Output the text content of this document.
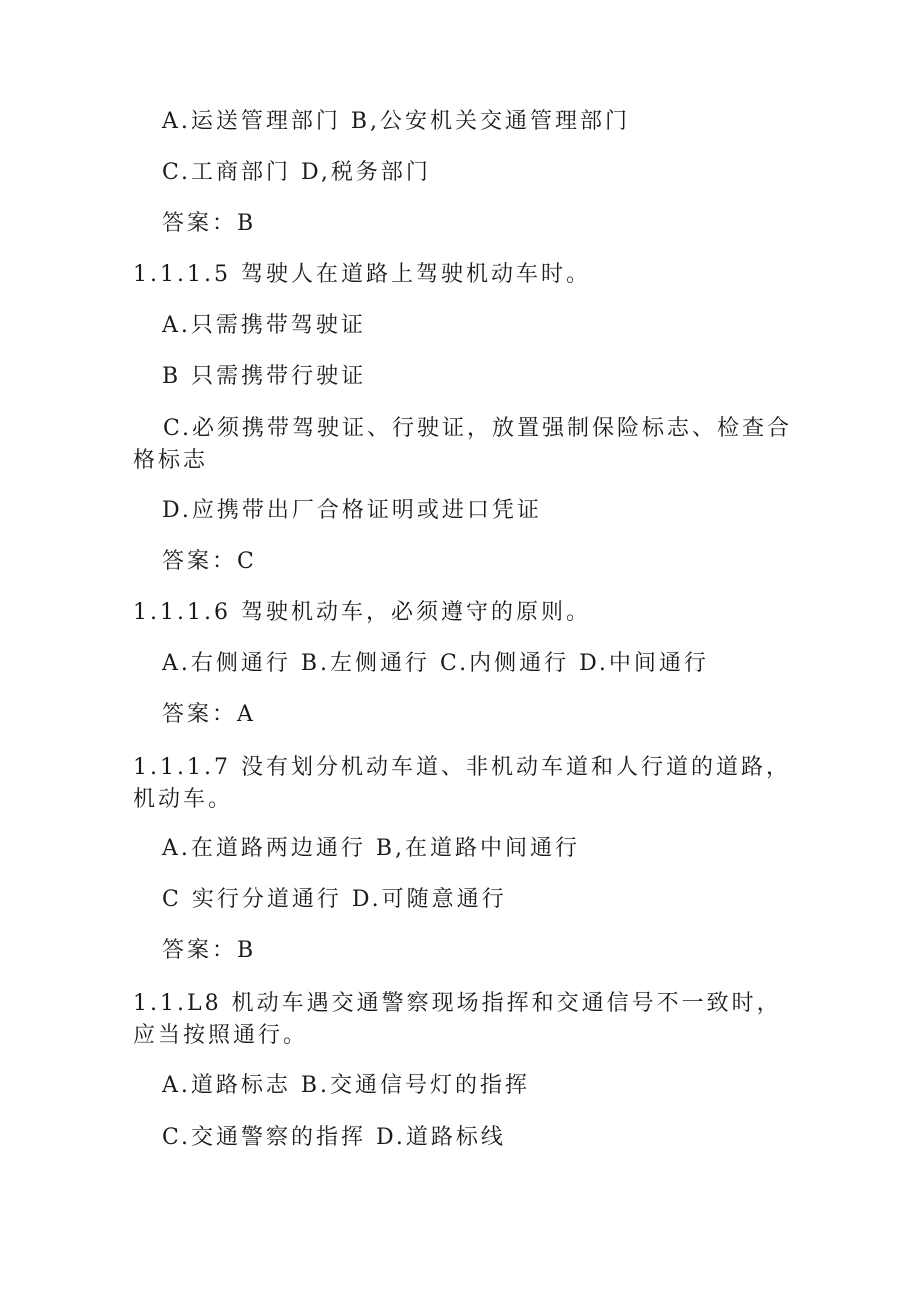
A.运送管理部门 B,公安机关交通管理部门
C.工商部门 D,税务部门
答案：B
1.1.1.5 驾驶人在道路上驾驶机动车时。
A.只需携带驾驶证
B 只需携带行驶证
C.必须携带驾驶证、行驶证，放置强制保险标志、检查合格标志
D.应携带出厂合格证明或进口凭证
答案：C
1.1.1.6 驾驶机动车，必须遵守的原则。
A.右侧通行 B.左侧通行 C.内侧通行 D.中间通行
答案：A
1.1.1.7 没有划分机动车道、非机动车道和人行道的道路，机动车。
A.在道路两边通行 B,在道路中间通行
C 实行分道通行 D.可随意通行
答案：B
1.1.L8 机动车遇交通警察现场指挥和交通信号不一致时，应当按照通行。
A.道路标志 B.交通信号灯的指挥
C.交通警察的指挥 D.道路标线
